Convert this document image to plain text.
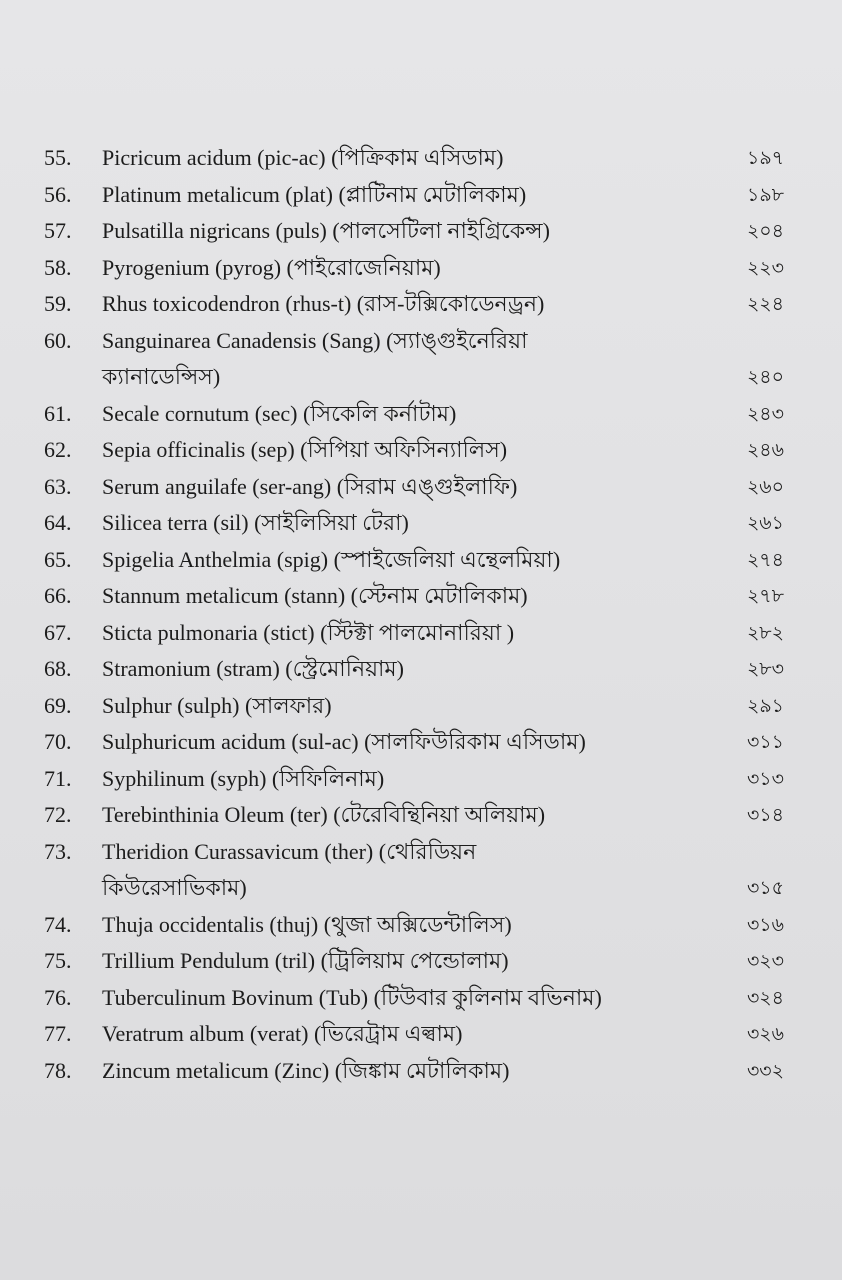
55.	Picricum acidum (pic-ac) (পিক্রিকাম এসিডাম)	১৯৭
56.	Platinum metalicum (plat) (প্লাটিনাম মেটালিকাম)	১৯৮
57.	Pulsatilla nigricans (puls) (পালসেটিলা নাইগ্রিকেন্স)	২০৪
58.	Pyrogenium (pyrog) (পাইরোজেনিয়াম)	২২৩
59.	Rhus toxicodendron (rhus-t) (রাস-টক্সিকোডেনড্রন)	২২৪
60.	Sanguinarea Canadensis (Sang) (স্যাঙ্গুইনেরিয়া
ক্যানাডেন্সিস)	২৪০
61.	Secale cornutum (sec) (সিকেলি কর্নাটাম)	২৪৩
62.	Sepia officinalis (sep) (সিপিয়া অফিসিন্যালিস)	২৪৬
63.	Serum anguilafe (ser-ang) (সিরাম এঙ্গুইলাফি)	২৬০
64.	Silicea terra (sil) (সাইলিসিয়া টেরা)	২৬১
65.	Spigelia Anthelmia (spig) (স্পাইজেলিয়া এন্থেলমিয়া)	২৭৪
66.	Stannum metalicum (stann) (স্টেনাম মেটালিকাম)	২৭৮
67.	Sticta pulmonaria (stict) (স্টিক্টা পালমোনারিয়া )	২৮২
68.	Stramonium (stram) (স্ট্রেমোনিয়াম)	২৮৩
69.	Sulphur (sulph) (সালফার)	২৯১
70.	Sulphuricum acidum (sul-ac) (সালফিউরিকাম এসিডাম)	৩১১
71.	Syphilinum (syph) (সিফিলিনাম)	৩১৩
72.	Terebinthinia Oleum (ter) (টেরেবিন্থিনিয়া অলিয়াম)	৩১৪
73.	Theridion Curassavicum (ther) (থেরিডিয়ন
কিউরেসাভিকাম)	৩১৫
74.	Thuja occidentalis (thuj) (থুজা অক্সিডেন্টালিস)	৩১৬
75.	Trillium Pendulum (tril) (ট্রিলিয়াম পেন্ডোলাম)	৩২৩
76.	Tuberculinum Bovinum (Tub) (টিউবার কুলিনাম বভিনাম)	৩২৪
77.	Veratrum album (verat) (ভিরেট্রাম এল্বাম)	৩২৬
78.	Zincum metalicum (Zinc) (জিঙ্কাম মেটালিকাম)	৩৩২
